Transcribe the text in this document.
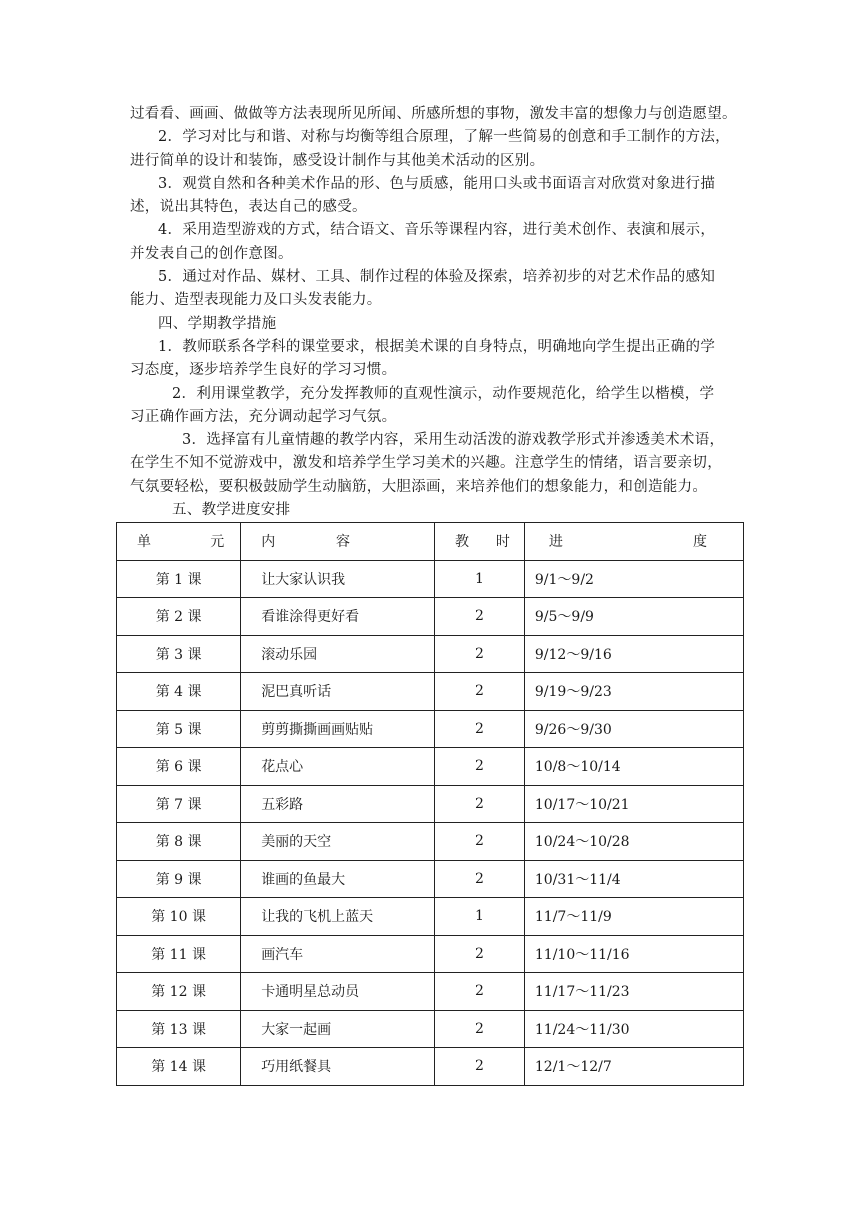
过看看、画画、做做等方法表现所见所闻、所感所想的事物，激发丰富的想像力与创造愿望。
2．学习对比与和谐、对称与均衡等组合原理，了解一些简易的创意和手工制作的方法，
进行简单的设计和装饰，感受设计制作与其他美术活动的区别。
3．观赏自然和各种美术作品的形、色与质感，能用口头或书面语言对欣赏对象进行描
述，说出其特色，表达自己的感受。
4．采用造型游戏的方式，结合语文、音乐等课程内容，进行美术创作、表演和展示，
并发表自己的创作意图。
5．通过对作品、媒材、工具、制作过程的体验及探索，培养初步的对艺术作品的感知
能力、造型表现能力及口头发表能力。
四、学期教学措施
1．教师联系各学科的课堂要求，根据美术课的自身特点，明确地向学生提出正确的学
习态度，逐步培养学生良好的学习习惯。
2．利用课堂教学，充分发挥教师的直观性演示，动作要规范化，给学生以楷模，学
习正确作画方法，充分调动起学习气氛。
3．选择富有儿童情趣的教学内容，采用生动活泼的游戏教学形式并渗透美术术语，
在学生不知不觉游戏中，激发和培养学生学习美术的兴趣。注意学生的情绪，语言要亲切，
气氛要轻松，要积极鼓励学生动脑筋，大胆添画，来培养他们的想象能力，和创造能力。
五、教学进度安排
单 元	内 容	教 时	进 度

第 1 课	让大家认识我	1	9/1～9/2
第 2 课	看谁涂得更好看	2	9/5～9/9
第 3 课	滚动乐园	2	9/12～9/16
第 4 课	泥巴真听话	2	9/19～9/23
第 5 课	剪剪撕撕画画贴贴	2	9/26～9/30
第 6 课	花点心	2	10/8～10/14
第 7 课	五彩路	2	10/17～10/21
第 8 课	美丽的天空	2	10/24～10/28
第 9 课	谁画的鱼最大	2	10/31～11/4
第 10 课	让我的飞机上蓝天	1	11/7～11/9
第 11 课	画汽车	2	11/10～11/16
第 12 课	卡通明星总动员	2	11/17～11/23
第 13 课	大家一起画	2	11/24～11/30
第 14 课	巧用纸餐具	2	12/1～12/7
